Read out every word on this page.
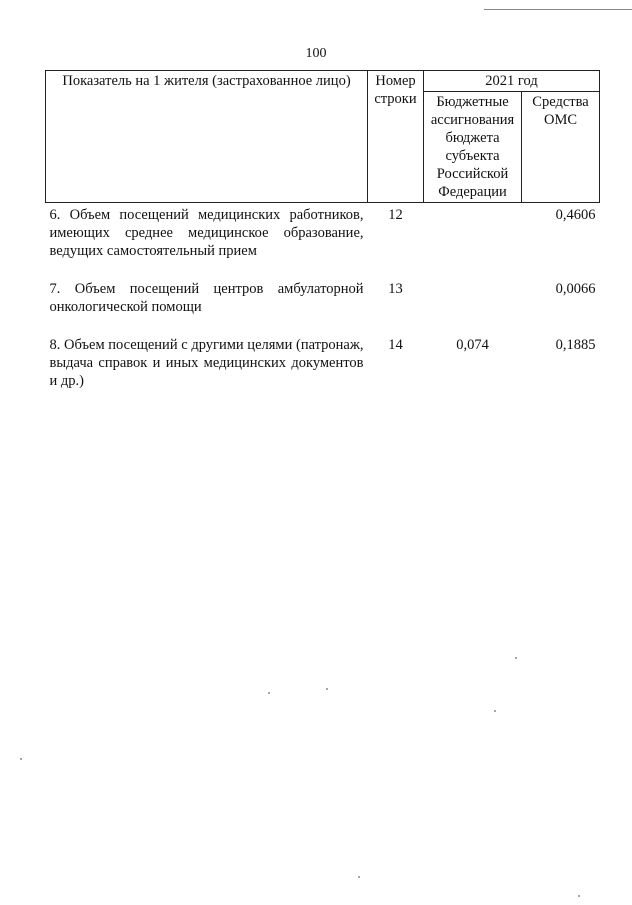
100
Показатель на 1 жителя (застрахованное лицо)	Номер строки	2021 год	
		Бюджетные ассигнования бюджета субъекта Российской Федерации	Средства ОМС
6. Объем посещений медицинских работников, имеющих среднее медицинское образование, ведущих самостоятельный прием	12		0,4606
7. Объем посещений центров амбулаторной онкологической помощи	13		0,0066
8. Объем посещений с другими целями (патронаж, выдача справок и иных медицинских документов и др.)	14	0,074	0,1885
